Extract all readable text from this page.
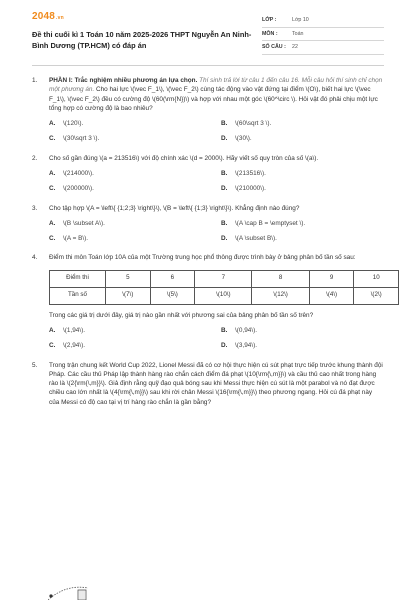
2048.vn
Đề thi cuối kì 1 Toán 10 năm 2025-2026 THPT Nguyễn An Ninh-Bình Dương (TP.HCM) có đáp án
LỚP :	Lớp 10
MÔN :	Toán
SỐ CÂU :	22
1.	PHẦN I: Trắc nghiệm nhiều phương án lựa chọn. Thí sinh trả lời từ câu 1 đến câu 16. Mỗi câu hỏi thí sinh chỉ chọn một phương án. Cho hai lực \(\vec F_1\), \(\vec F_2\) cùng tác động vào vật đứng tại điểm \(O\), biết hai lực \(\vec F_1\), \(\vec F_2\) đều có cường độ \(60(\rm{N})\) và hợp với nhau một góc \(60^\circ \). Hỏi vật đó phải chịu một lực tổng hợp có cường độ là bao nhiêu?
A.	\(120\).	B.	\(60\sqrt 3 \).
C.	\(30\sqrt 3 \).	D.	\(30\).
2.	Cho số gần đúng \(a = 213516\) với độ chính xác \(d = 2000\). Hãy viết số quy tròn của số \(a\).
A.	\(214000\).	B.	\(213516\).
C.	\(200000\).	D.	\(210000\).
3.	Cho tập hợp \(A = \left\{ {1;2;3} \right\}\), \(B = \left\{ {1;3} \right\}\). Khẳng định nào đúng?
A.	\(B \subset A\).	B.	\(A \cap B = \emptyset \).
C.	\(A = B\).	D.	\(A \subset B\).
4.	Điểm thi môn Toán lớp 10A của một Trường trung học phổ thông được trình bày ở bảng phân bố tần số sau:
Điểm thi	5	6	7	8	9	10
Tần số	\(7\)	\(5\)	\(10\)	\(12\)	\(4\)	\(2\)
Trong các giá trị dưới đây, giá trị nào gần nhất với phương sai của bảng phân bố tần số trên?
A.	\(1,94\).	B.	\(0,94\).
C.	\(2,94\).	D.	\(3,94\).
5.	Trong trận chung kết World Cup 2022, Lionel Messi đã có cơ hội thực hiện cú sút phạt trực tiếp trước khung thành đội Pháp. Các cầu thủ Pháp lập thành hàng rào chắn cách điểm đá phạt \(10{\rm{\,m}}\) và cầu thủ cao nhất trong hàng rào là \(2{\rm{\,m}}\). Giả định rằng quỹ đạo quả bóng sau khi Messi thực hiện cú sút là một parabol và nó đạt được chiều cao lớn nhất là \(4{\rm{\,m}}\) sau khi rời chân Messi \(16{\rm{\,m}}\) theo phương ngang. Hỏi cú đá phạt này của Messi có độ cao tại vị trí hàng rào chắn là gần bằng?
